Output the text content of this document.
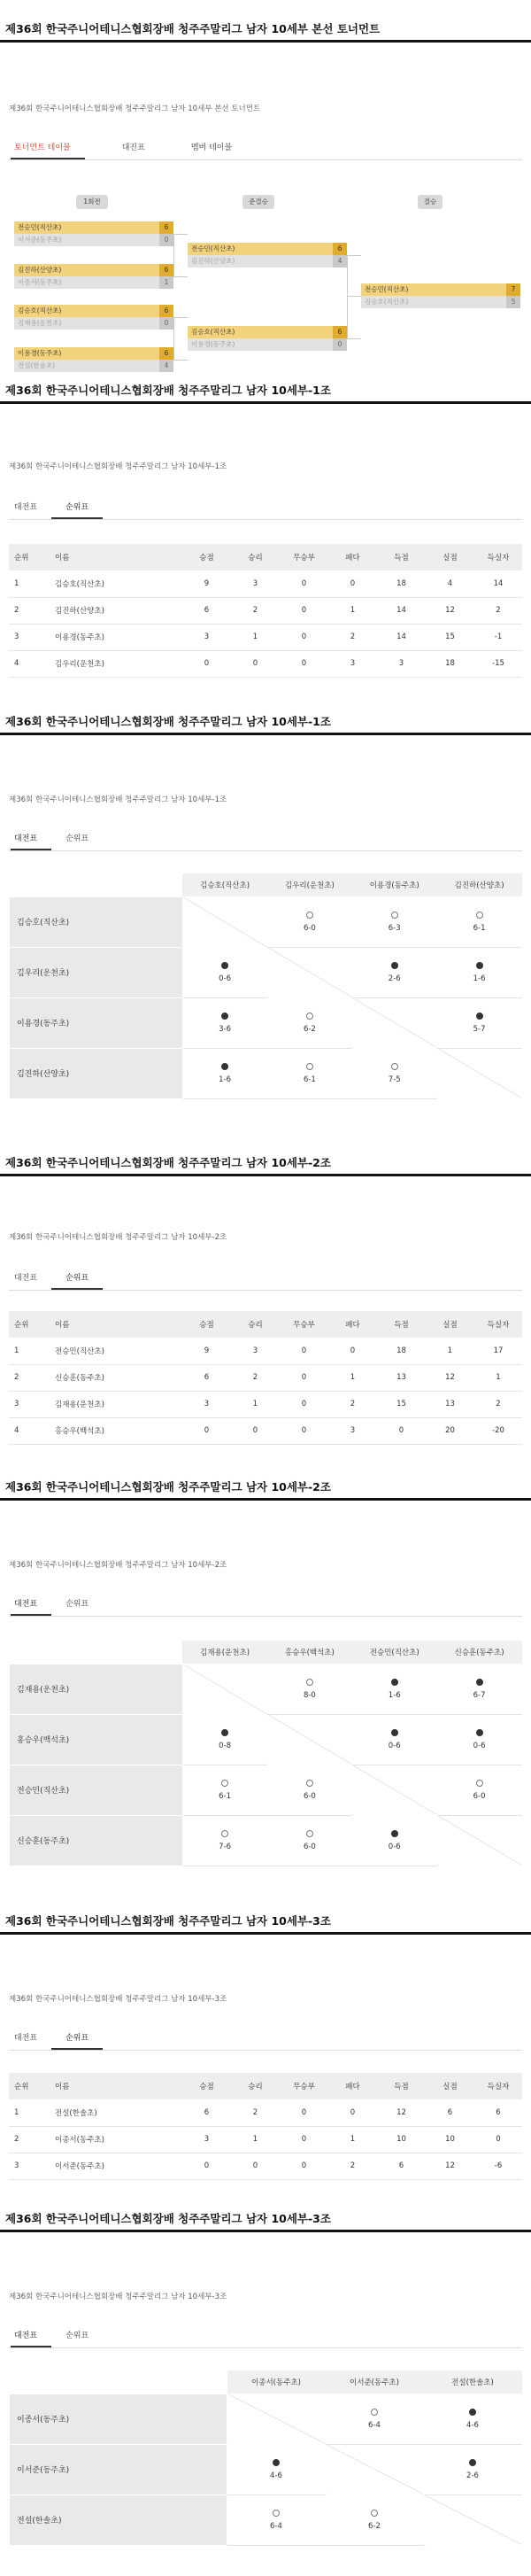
제36회 한국주니어테니스협회장배 청주주말리그 남자 10세부 본선 토너먼트
제36회 한국주니어테니스협회장배 청주주말리그 남자 10세부 본선 토너먼트
토너먼트 테이블	대진표	멤버 테이블
1회전	준결승	결승
전승민(직산초)	6
이서준(동주초)	0
김진하(산양초)	6
이종서(동주초)	1
김승호(직산초)	6
김재용(운천초)	0
이용경(동주초)	6
전설(한솔초)	4
전승민(직산초)	6
김진하(산양초)	4
김승호(직산초)	6
이용경(동주초)	0
전승민(직산초)	7
김승호(직산초)	5
제36회 한국주니어테니스협회장배 청주주말리그 남자 10세부-1조
제36회 한국주니어테니스협회장배 청주주말리그 남자 10세부-1조
대전표	순위표
순위	이름	승점	승리	무승부	패다	득점	실점	득실자
1	김승호(직산초)	9	3	0	0	18	4	14
2	김진하(산양초)	6	2	0	1	14	12	2
3	이용경(동주초)	3	1	0	2	14	15	-1
4	김우리(운천초)	0	0	0	3	3	18	-15
제36회 한국주니어테니스협회장배 청주주말리그 남자 10세부-1조
제36회 한국주니어테니스협회장배 청주주말리그 남자 10세부-1조
대전표	순위표
	김승호(직산초)	김우리(운천초)	이용경(동주초)	김진하(산양초)
김승호(직산초)		6-0	6-3	6-1
김우리(운천초)	0-6		2-6	1-6
이용경(동주초)	3-6	6-2		5-7
김진하(산양초)	1-6	6-1	7-5	
제36회 한국주니어테니스협회장배 청주주말리그 남자 10세부-2조
제36회 한국주니어테니스협회장배 청주주말리그 남자 10세부-2조
대전표	순위표
순위	이름	승점	승리	무승부	패다	득점	실점	득실자
1	전승민(직산초)	9	3	0	0	18	1	17
2	신승훈(동주초)	6	2	0	1	13	12	1
3	김재용(운천초)	3	1	0	2	15	13	2
4	홍승우(백석초)	0	0	0	3	0	20	-20
제36회 한국주니어테니스협회장배 청주주말리그 남자 10세부-2조
제36회 한국주니어테니스협회장배 청주주말리그 남자 10세부-2조
대전표	순위표
	김재용(운천초)	홍승우(백석초)	전승민(직산초)	신승훈(동주초)
김재용(운천초)		8-0	1-6	6-7
홍승우(백석초)	0-8		0-6	0-6
전승민(직산초)	6-1	6-0		6-0
신승훈(동주초)	7-6	6-0	0-6	
제36회 한국주니어테니스협회장배 청주주말리그 남자 10세부-3조
제36회 한국주니어테니스협회장배 청주주말리그 남자 10세부-3조
대전표	순위표
순위	이름	승점	승리	무승부	패다	득점	실점	득실자
1	전설(한솔초)	6	2	0	0	12	6	6
2	이종서(동주초)	3	1	0	1	10	10	0
3	이서준(동주초)	0	0	0	2	6	12	-6
제36회 한국주니어테니스협회장배 청주주말리그 남자 10세부-3조
제36회 한국주니어테니스협회장배 청주주말리그 남자 10세부-3조
대전표	순위표
	이종서(동주초)	이서준(동주초)	전설(한솔초)
이종서(동주초)		6-4	4-6
이서준(동주초)	4-6		2-6
전설(한솔초)	6-4	6-2	
